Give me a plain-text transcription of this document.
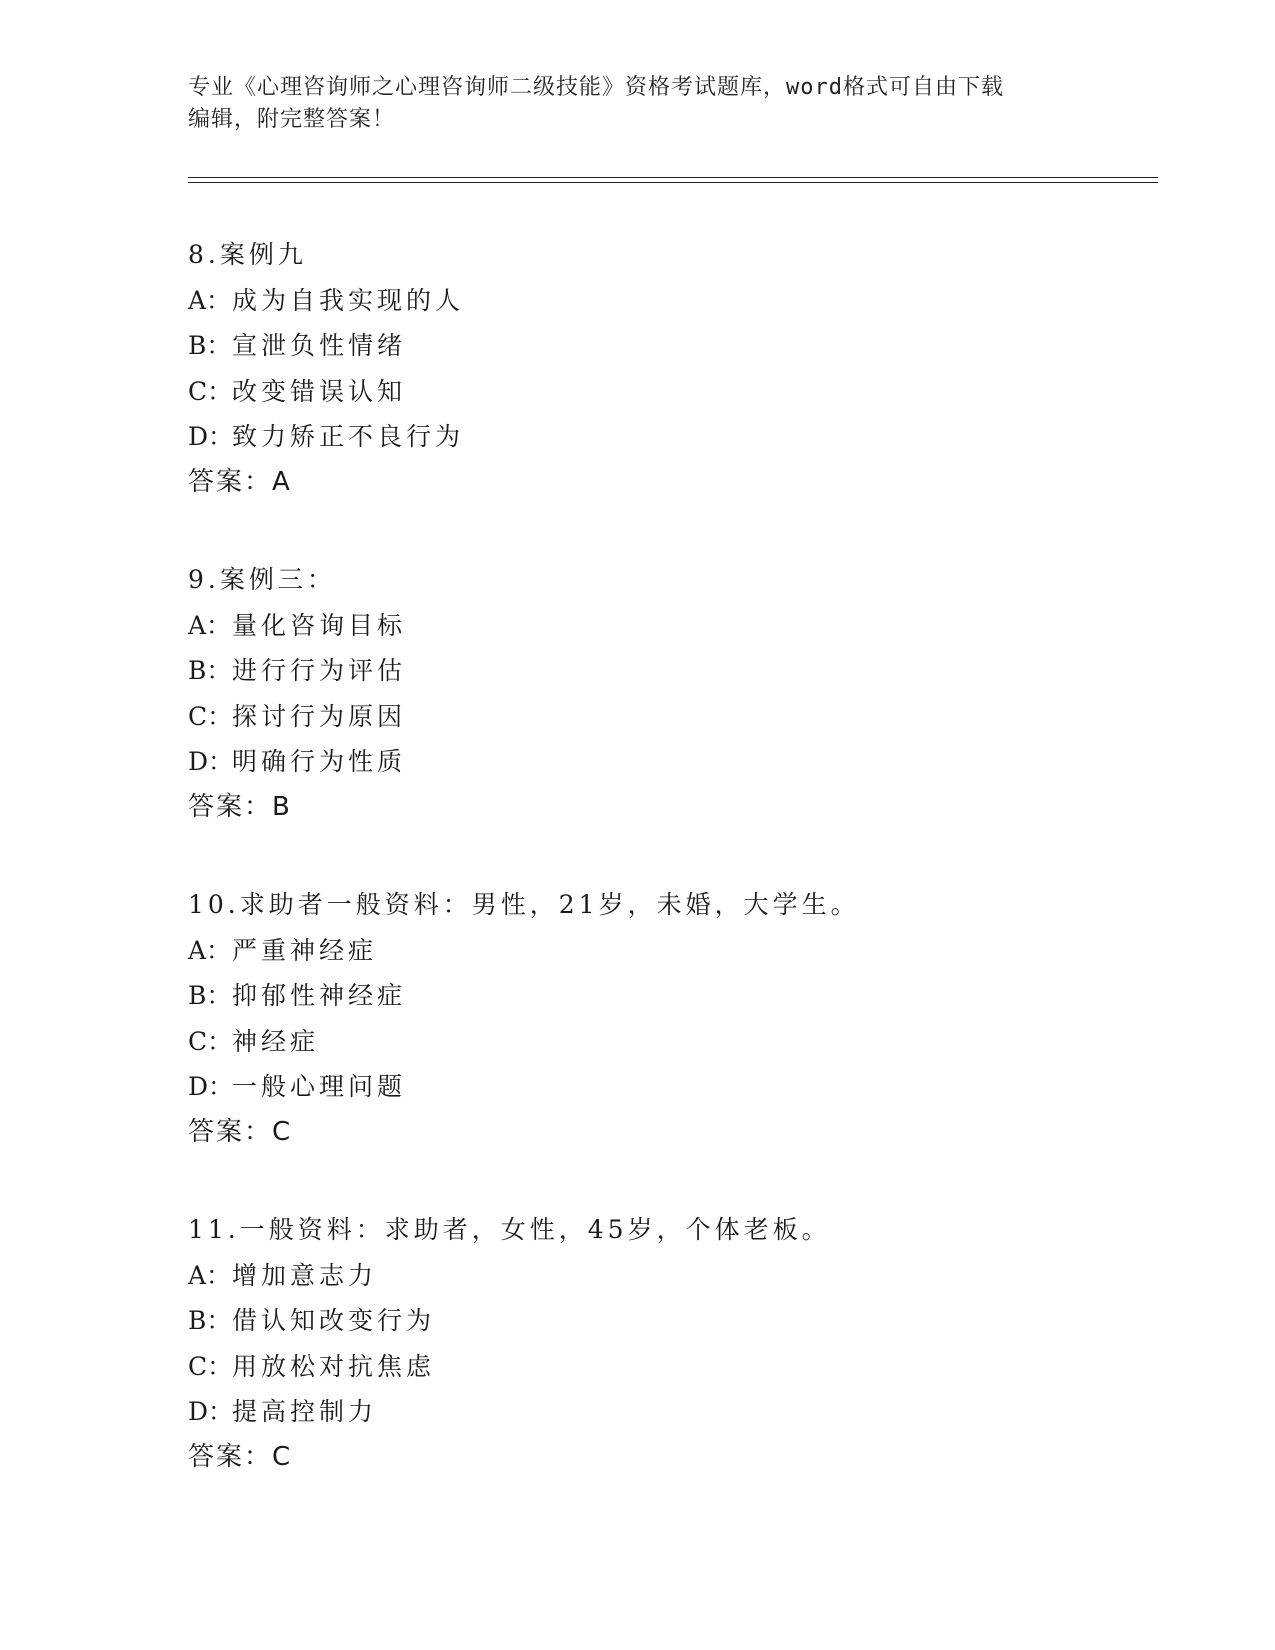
专业《心理咨询师之心理咨询师二级技能》资格考试题库，word格式可自由下载
编辑，附完整答案！
8.案例九
A：成为自我实现的人
B：宣泄负性情绪
C：改变错误认知
D：致力矫正不良行为
答案：A
9.案例三：
A：量化咨询目标
B：进行行为评估
C：探讨行为原因
D：明确行为性质
答案：B
10.求助者一般资料：男性，21岁，未婚，大学生。
A：严重神经症
B：抑郁性神经症
C：神经症
D：一般心理问题
答案：C
11.一般资料：求助者，女性，45岁，个体老板。
A：增加意志力
B：借认知改变行为
C：用放松对抗焦虑
D：提高控制力
答案：C
